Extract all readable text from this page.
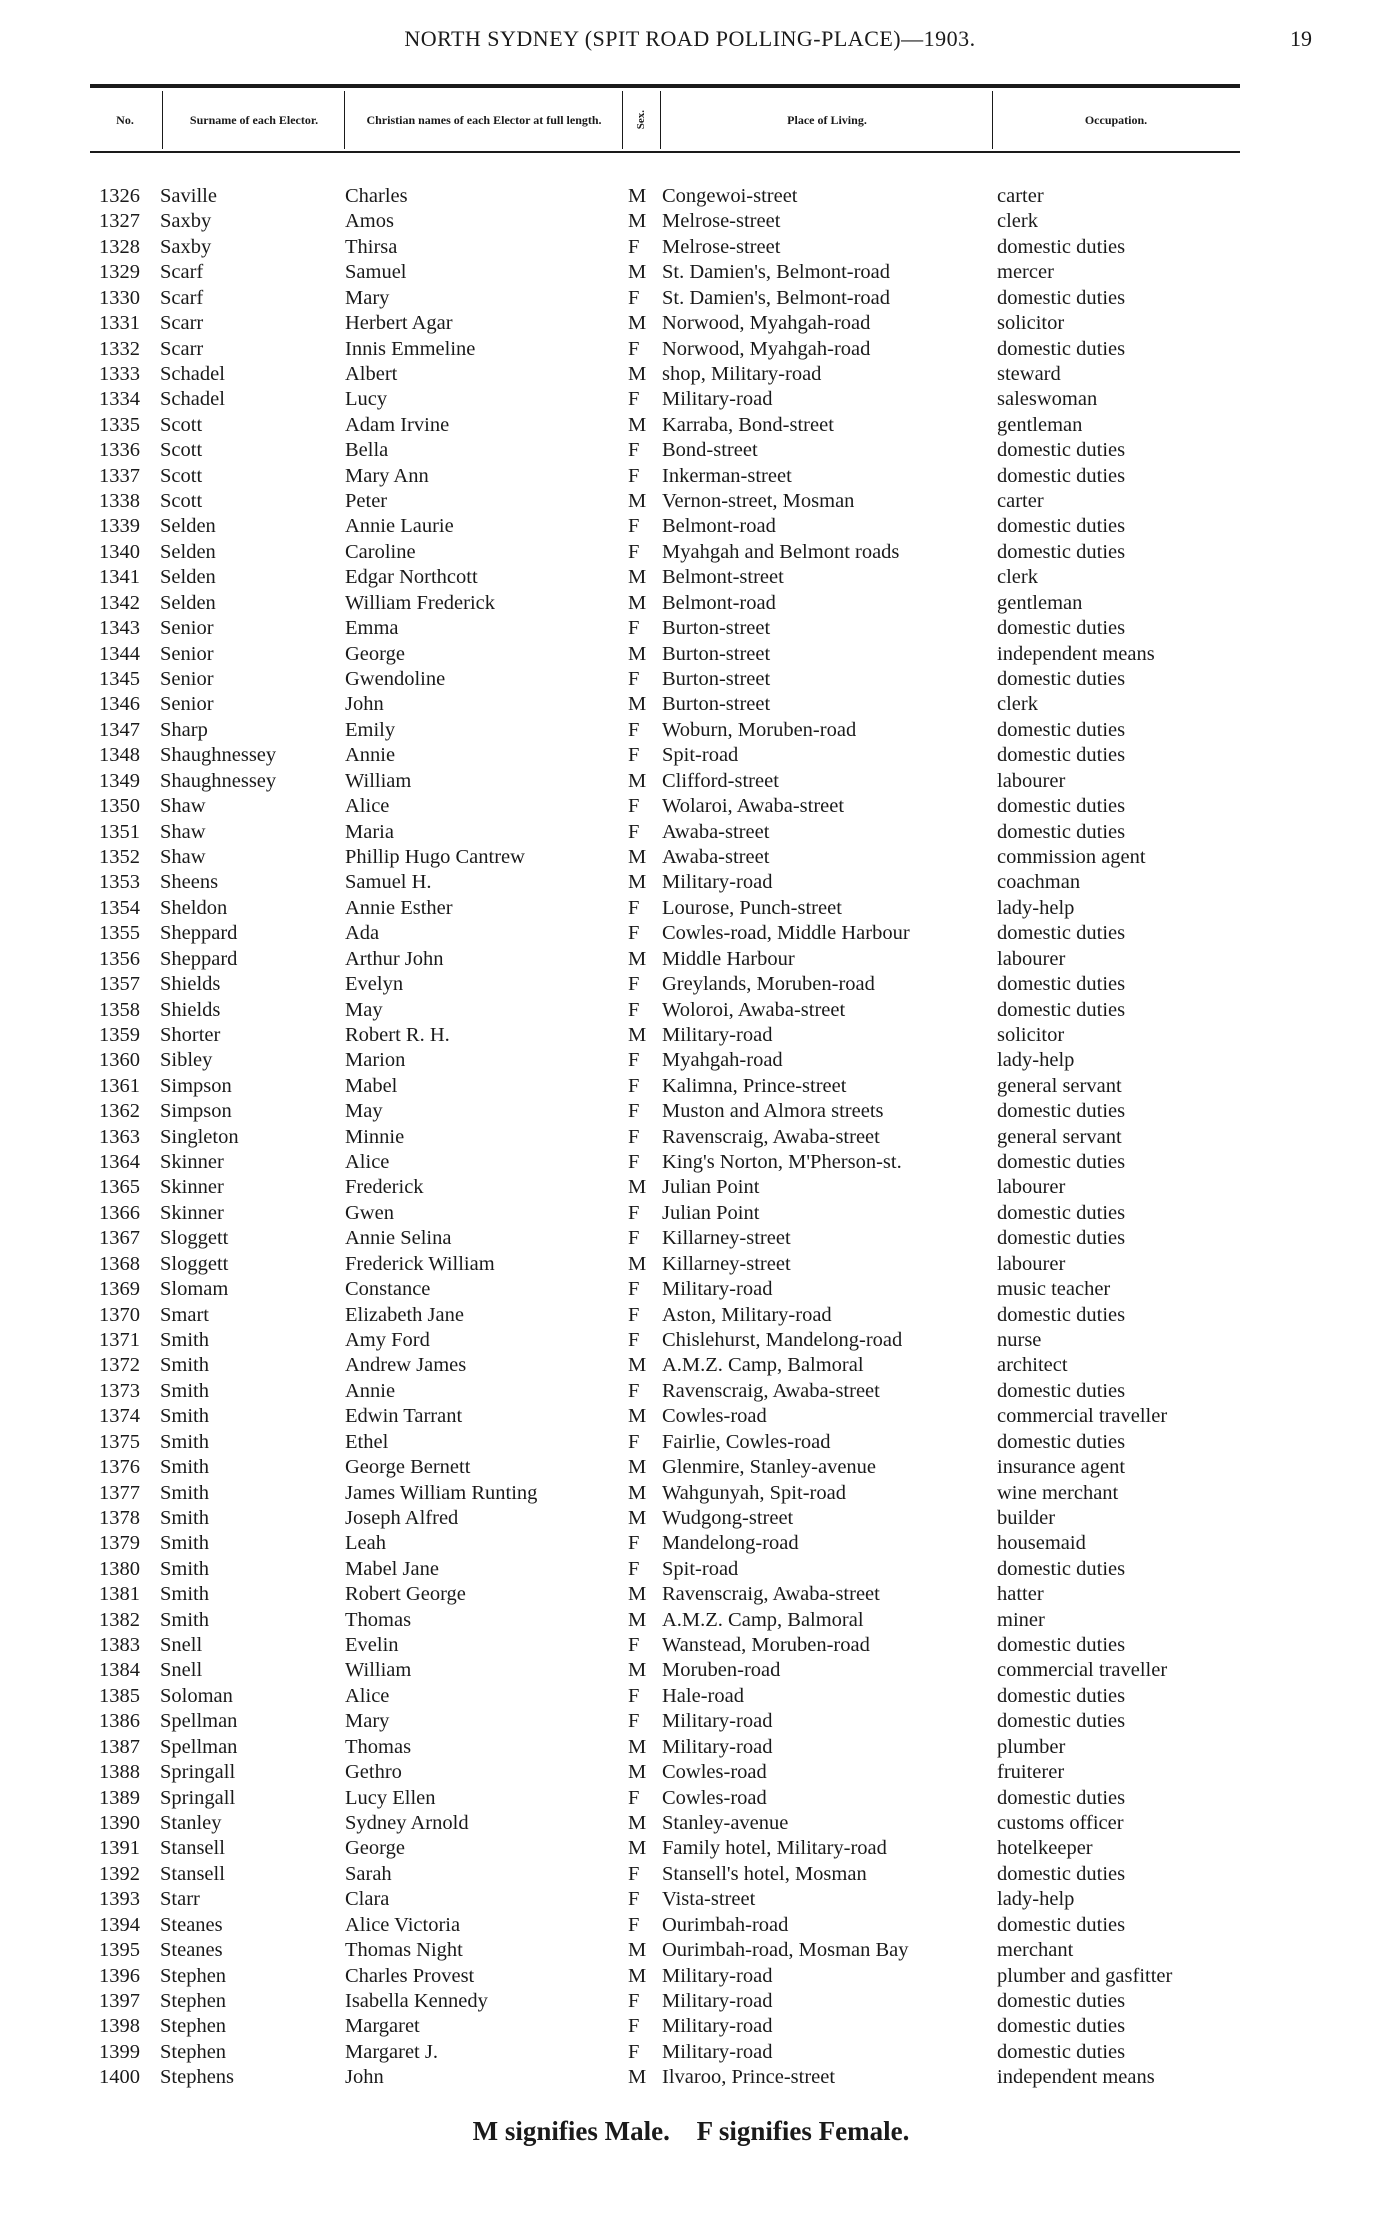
NORTH SYDNEY (SPIT ROAD POLLING-PLACE)—1903.	19
No.	Surname of each Elector.	Christian names of each Elector at full length.	Sex.	Place of Living.	Occupation.
1326 Saville	Charles	M Congewoi-street	carter
1327 Saxby	Amos	M Melrose-street	clerk
1328 Saxby	Thirsa	F Melrose-street	domestic duties
1329 Scarf	Samuel	M St. Damien's, Belmont-road	mercer
1330 Scarf	Mary	F St. Damien's, Belmont-road	domestic duties
1331 Scarr	Herbert Agar	M Norwood, Myahgah-road	solicitor
1332 Scarr	Innis Emmeline	F Norwood, Myahgah-road	domestic duties
1333 Schadel	Albert	M shop, Military-road	steward
1334 Schadel	Lucy	F Military-road	saleswoman
1335 Scott	Adam Irvine	M Karraba, Bond-street	gentleman
1336 Scott	Bella	F Bond-street	domestic duties
1337 Scott	Mary Ann	F Inkerman-street	domestic duties
1338 Scott	Peter	M Vernon-street, Mosman	carter
1339 Selden	Annie Laurie	F Belmont-road	domestic duties
1340 Selden	Caroline	F Myahgah and Belmont roads	domestic duties
1341 Selden	Edgar Northcott	M Belmont-street	clerk
1342 Selden	William Frederick	M Belmont-road	gentleman
1343 Senior	Emma	F Burton-street	domestic duties
1344 Senior	George	M Burton-street	independent means
1345 Senior	Gwendoline	F Burton-street	domestic duties
1346 Senior	John	M Burton-street	clerk
1347 Sharp	Emily	F Woburn, Moruben-road	domestic duties
1348 Shaughnessey	Annie	F Spit-road	domestic duties
1349 Shaughnessey	William	M Clifford-street	labourer
1350 Shaw	Alice	F Wolaroi, Awaba-street	domestic duties
1351 Shaw	Maria	F Awaba-street	domestic duties
1352 Shaw	Phillip Hugo Cantrew	M Awaba-street	commission agent
1353 Sheens	Samuel H.	M Military-road	coachman
1354 Sheldon	Annie Esther	F Lourose, Punch-street	lady-help
1355 Sheppard	Ada	F Cowles-road, Middle Harbour	domestic duties
1356 Sheppard	Arthur John	M Middle Harbour	labourer
1357 Shields	Evelyn	F Greylands, Moruben-road	domestic duties
1358 Shields	May	F Woloroi, Awaba-street	domestic duties
1359 Shorter	Robert R. H.	M Military-road	solicitor
1360 Sibley	Marion	F Myahgah-road	lady-help
1361 Simpson	Mabel	F Kalimna, Prince-street	general servant
1362 Simpson	May	F Muston and Almora streets	domestic duties
1363 Singleton	Minnie	F Ravenscraig, Awaba-street	general servant
1364 Skinner	Alice	F King's Norton, M'Pherson-st.	domestic duties
1365 Skinner	Frederick	M Julian Point	labourer
1366 Skinner	Gwen	F Julian Point	domestic duties
1367 Sloggett	Annie Selina	F Killarney-street	domestic duties
1368 Sloggett	Frederick William	M Killarney-street	labourer
1369 Slomam	Constance	F Military-road	music teacher
1370 Smart	Elizabeth Jane	F Aston, Military-road	domestic duties
1371 Smith	Amy Ford	F Chislehurst, Mandelong-road	nurse
1372 Smith	Andrew James	M A.M.Z. Camp, Balmoral	architect
1373 Smith	Annie	F Ravenscraig, Awaba-street	domestic duties
1374 Smith	Edwin Tarrant	M Cowles-road	commercial traveller
1375 Smith	Ethel	F Fairlie, Cowles-road	domestic duties
1376 Smith	George Bernett	M Glenmire, Stanley-avenue	insurance agent
1377 Smith	James William Runting	M Wahgunyah, Spit-road	wine merchant
1378 Smith	Joseph Alfred	M Wudgong-street	builder
1379 Smith	Leah	F Mandelong-road	housemaid
1380 Smith	Mabel Jane	F Spit-road	domestic duties
1381 Smith	Robert George	M Ravenscraig, Awaba-street	hatter
1382 Smith	Thomas	M A.M.Z. Camp, Balmoral	miner
1383 Snell	Evelin	F Wanstead, Moruben-road	domestic duties
1384 Snell	William	M Moruben-road	commercial traveller
1385 Soloman	Alice	F Hale-road	domestic duties
1386 Spellman	Mary	F Military-road	domestic duties
1387 Spellman	Thomas	M Military-road	plumber
1388 Springall	Gethro	M Cowles-road	fruiterer
1389 Springall	Lucy Ellen	F Cowles-road	domestic duties
1390 Stanley	Sydney Arnold	M Stanley-avenue	customs officer
1391 Stansell	George	M Family hotel, Military-road	hotelkeeper
1392 Stansell	Sarah	F Stansell's hotel, Mosman	domestic duties
1393 Starr	Clara	F Vista-street	lady-help
1394 Steanes	Alice Victoria	F Ourimbah-road	domestic duties
1395 Steanes	Thomas Night	M Ourimbah-road, Mosman Bay	merchant
1396 Stephen	Charles Provest	M Military-road	plumber and gasfitter
1397 Stephen	Isabella Kennedy	F Military-road	domestic duties
1398 Stephen	Margaret	F Military-road	domestic duties
1399 Stephen	Margaret J.	F Military-road	domestic duties
1400 Stephens	John	M Ilvaroo, Prince-street	independent means
M signifies Male. F signifies Female.
